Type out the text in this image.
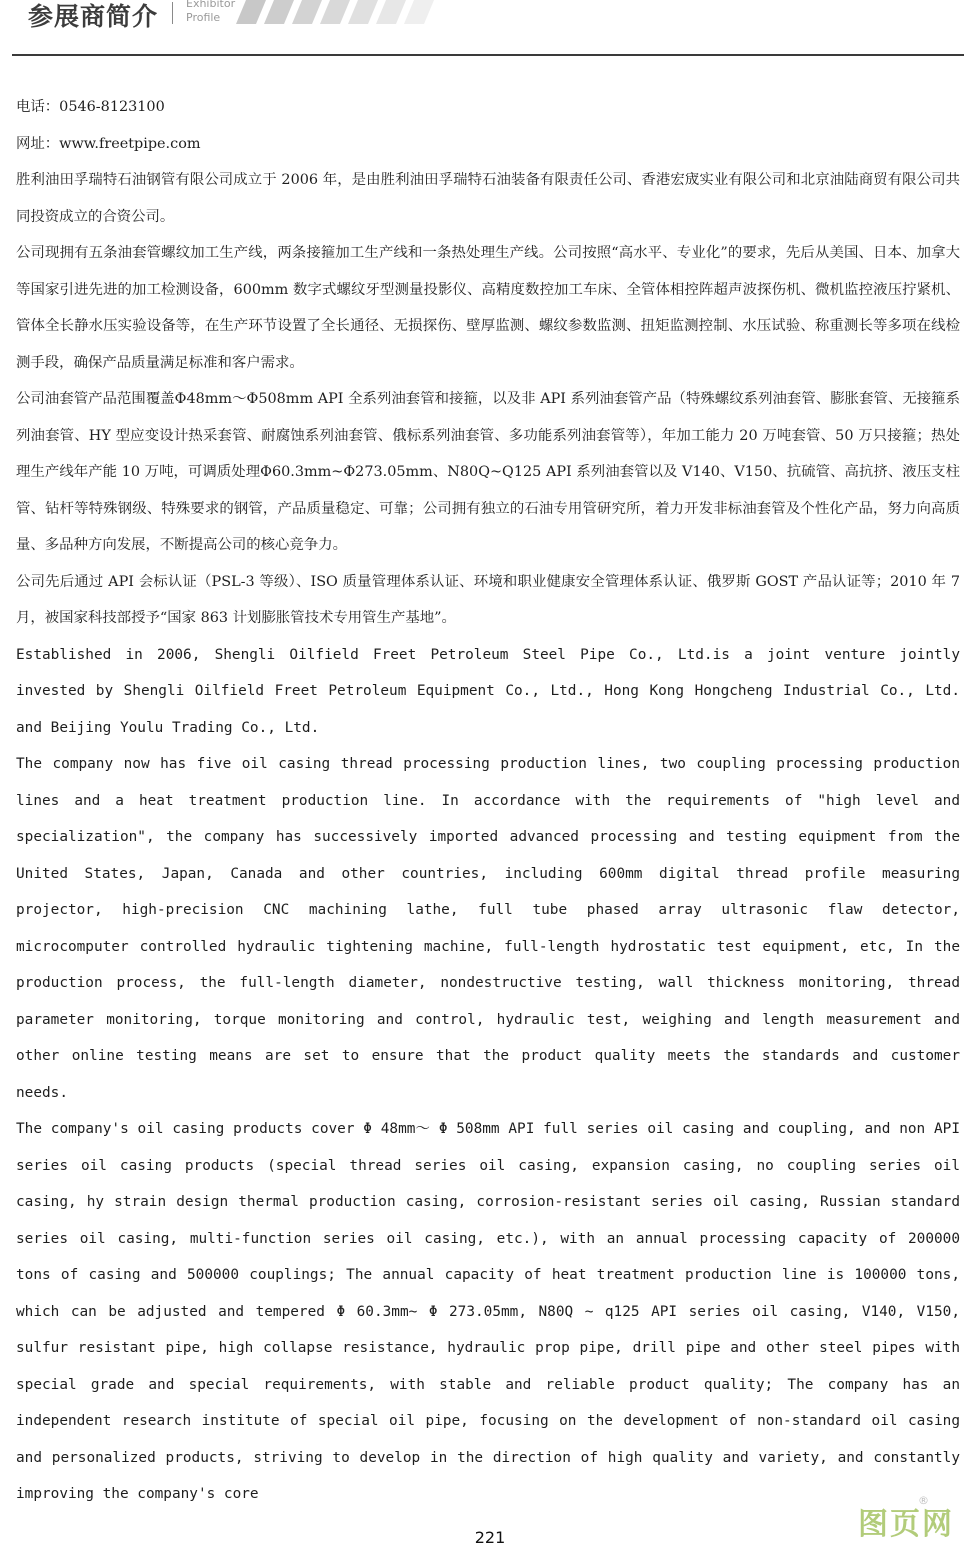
参展商简介	Exhibitor
Profile

电话：0546-8123100

网址：www.freetpipe.com

胜利油田孚瑞特石油钢管有限公司成立于 2006 年，是由胜利油田孚瑞特石油装备有限责任公司、香港宏宬实业有限公司和北京油陆商贸有限公司共同投资成立的合资公司。

公司现拥有五条油套管螺纹加工生产线，两条接箍加工生产线和一条热处理生产线。公司按照“高水平、专业化”的要求，先后从美国、日本、加拿大等国家引进先进的加工检测设备，600mm 数字式螺纹牙型测量投影仪、高精度数控加工车床、全管体相控阵超声波探伤机、微机监控液压拧紧机、管体全长静水压实验设备等，在生产环节设置了全长通径、无损探伤、壁厚监测、螺纹参数监测、扭矩监测控制、水压试验、称重测长等多项在线检测手段，确保产品质量满足标准和客户需求。

公司油套管产品范围覆盖Φ48mm～Φ508mm API 全系列油套管和接箍，以及非 API 系列油套管产品（特殊螺纹系列油套管、膨胀套管、无接箍系列油套管、HY 型应变设计热采套管、耐腐蚀系列油套管、俄标系列油套管、多功能系列油套管等），年加工能力 20 万吨套管、50 万只接箍；热处理生产线年产能 10 万吨，可调质处理Φ60.3mm~Φ273.05mm、N80Q~Q125 API 系列油套管以及 V140、V150、抗硫管、高抗挤、液压支柱管、钻杆等特殊钢级、特殊要求的钢管，产品质量稳定、可靠；公司拥有独立的石油专用管研究所，着力开发非标油套管及个性化产品，努力向高质量、多品种方向发展，不断提高公司的核心竞争力。

公司先后通过 API 会标认证（PSL-3 等级）、ISO 质量管理体系认证、环境和职业健康安全管理体系认证、俄罗斯 GOST 产品认证等；2010 年 7 月，被国家科技部授予“国家 863 计划膨胀管技术专用管生产基地”。

Established in 2006, Shengli Oilfield Freet Petroleum Steel Pipe Co., Ltd.is a joint venture jointly invested by Shengli Oilfield Freet Petroleum Equipment Co., Ltd., Hong Kong Hongcheng Industrial Co., Ltd. and Beijing Youlu Trading Co., Ltd.

The company now has five oil casing thread processing production lines, two coupling processing production lines and a heat treatment production line. In accordance with the requirements of "high level and specialization", the company has successively imported advanced processing and testing equipment from the United States, Japan, Canada and other countries, including 600mm digital thread profile measuring projector, high-precision CNC machining lathe, full tube phased array ultrasonic flaw detector, microcomputer controlled hydraulic tightening machine, full-length hydrostatic test equipment, etc, In the production process, the full-length diameter, nondestructive testing, wall thickness monitoring, thread parameter monitoring, torque monitoring and control, hydraulic test, weighing and length measurement and other online testing means are set to ensure that the product quality meets the standards and customer needs.

The company's oil casing products cover Φ 48mm～ Φ 508mm API full series oil casing and coupling, and non API series oil casing products (special thread series oil casing, expansion casing, no coupling series oil casing, hy strain design thermal production casing, corrosion-resistant series oil casing, Russian standard series oil casing, multi-function series oil casing, etc.), with an annual processing capacity of 200000 tons of casing and 500000 couplings; The annual capacity of heat treatment production line is 100000 tons, which can be adjusted and tempered Φ 60.3mm~ Φ 273.05mm, N80Q ~ q125 API series oil casing, V140, V150, sulfur resistant pipe, high collapse resistance, hydraulic prop pipe, drill pipe and other steel pipes with special grade and special requirements, with stable and reliable product quality; The company has an independent research institute of special oil pipe, focusing on the development of non-standard oil casing and personalized products, striving to develop in the direction of high quality and variety, and constantly improving the company's core

221	图页网
®
